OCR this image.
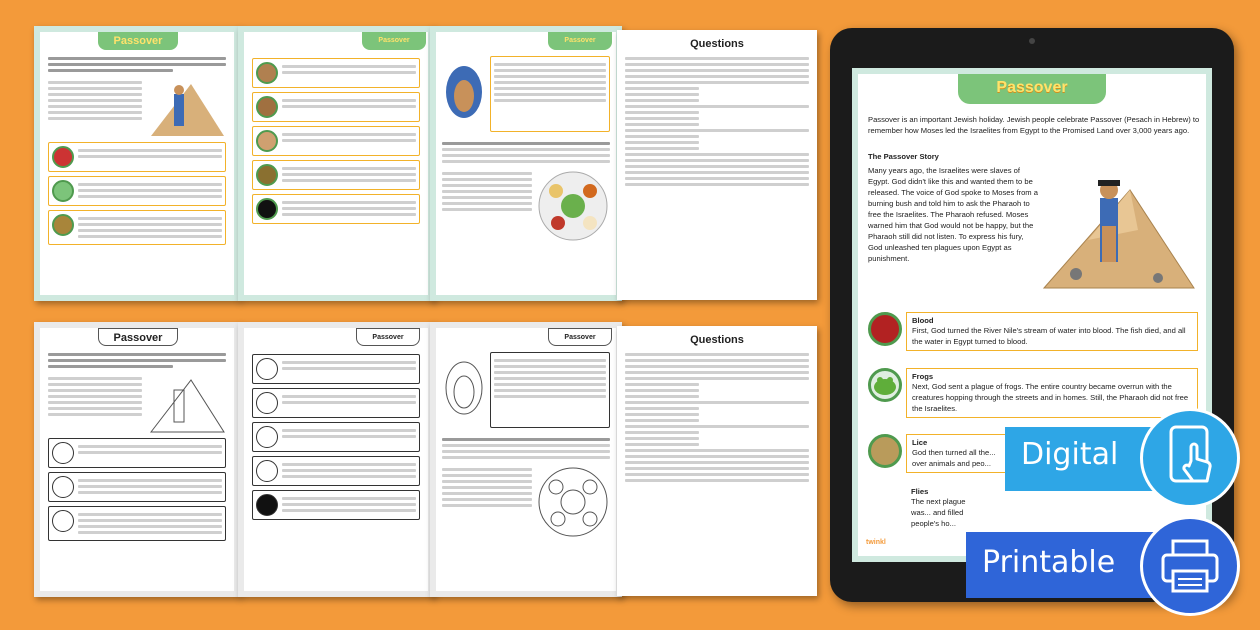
Passover	Passover	Passover	Questions
Passover	Passover	Passover	Questions
Passover
Passover is an important Jewish holiday. Jewish people celebrate Passover (Pesach in Hebrew) to remember how Moses led the Israelites from Egypt to the Promised Land over 3,000 years ago.
The Passover Story
Many years ago, the Israelites were slaves of Egypt. God didn't like this and wanted them to be released. The voice of God spoke to Moses from a burning bush and told him to ask the Pharaoh to free the Israelites. The Pharaoh refused. Moses warned him that God would not be happy, but the Pharaoh still did not listen. To express his fury, God unleashed ten plagues upon Egypt as punishment.
Blood
First, God turned the River Nile's stream of water into blood. The fish died, and all the water in Egypt turned to blood.
Frogs
Next, God sent a plague of frogs. The entire country became overrun with the creatures hopping through the streets and in homes. Still, the Pharaoh did not free the Israelites.
Lice
God then turned all the... over animals and peo...
Flies
The next plague was... and filled people's ho...
twinkl
Digital
Printable
